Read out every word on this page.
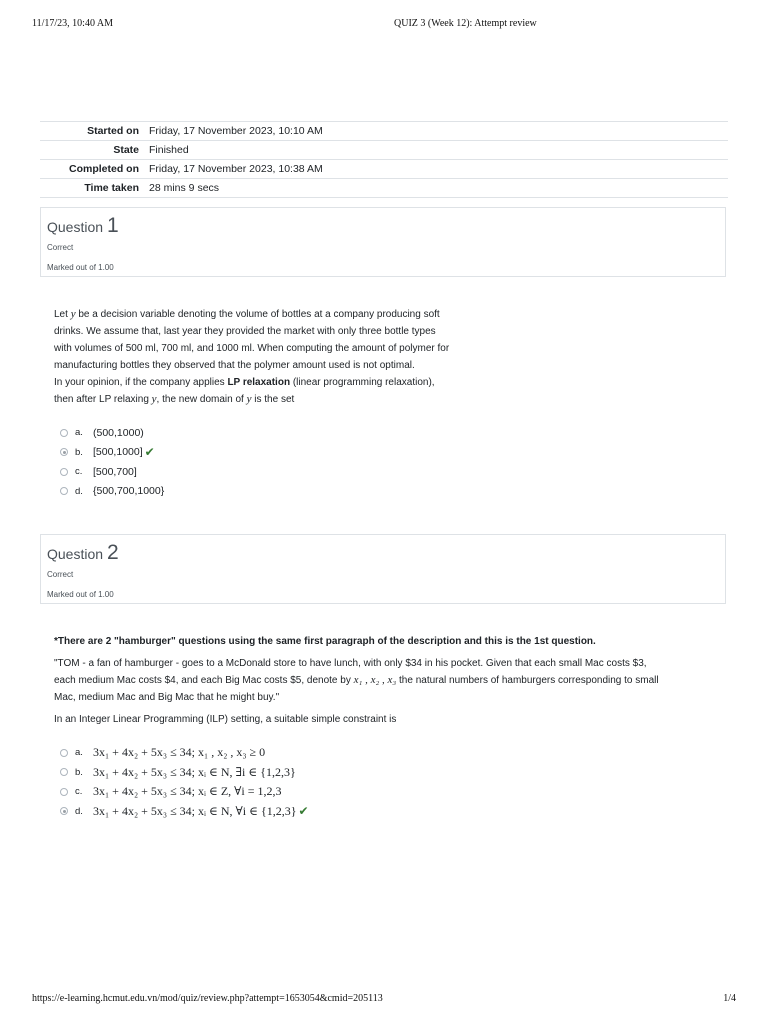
11/17/23, 10:40 AM	QUIZ 3 (Week 12): Attempt review
Started on	Friday, 17 November 2023, 10:10 AM
State	Finished
Completed on	Friday, 17 November 2023, 10:38 AM
Time taken	28 mins 9 secs
Question 1
Correct
Marked out of 1.00

Let y be a decision variable denoting the volume of bottles at a company producing soft

drinks. We assume that, last year they provided the market with only three bottle types

with volumes of 500 ml, 700 ml, and 1000 ml. When computing the amount of polymer for

manufacturing bottles they observed that the polymer amount used is not optimal.

In your opinion, if the company applies LP relaxation (linear programming relaxation),

then after LP relaxing y, the new domain of y is the set

a. (500,1000)
b. [500,1000] ✔
c.	[500,700]
d. {500,700,1000}
Question 2
Correct
Marked out of 1.00

*There are 2 "hamburger" questions using the same first paragraph of the description and this is the 1st question.

"TOM - a fan of hamburger - goes to a McDonald store to have lunch, with only $34 in his pocket. Given that each small Mac costs $3,

each medium Mac costs $4, and each Big Mac costs $5, denote by x₁ , x₂ , x₃ the natural numbers of hamburgers corresponding to small

Mac, medium Mac and Big Mac that he might buy."

In an Integer Linear Programming (ILP) setting, a suitable simple constraint is

a. 3x₁ + 4x₂ + 5x₃ ≤ 34; x₁ , x₂ , x₃ ≥ 0
b. 3x₁ + 4x₂ + 5x₃ ≤ 34; xᵢ ∈ N, ∃i ∈ {1,2,3}
c. 3x₁ + 4x₂ + 5x₃ ≤ 34; xᵢ ∈ Z, ∀i = 1,2,3
d. 3x₁ + 4x₂ + 5x₃ ≤ 34; xᵢ ∈ N, ∀i ∈ {1,2,3} ✔
https://e-learning.hcmut.edu.vn/mod/quiz/review.php?attempt=1653054&cmid=205113	1/4
